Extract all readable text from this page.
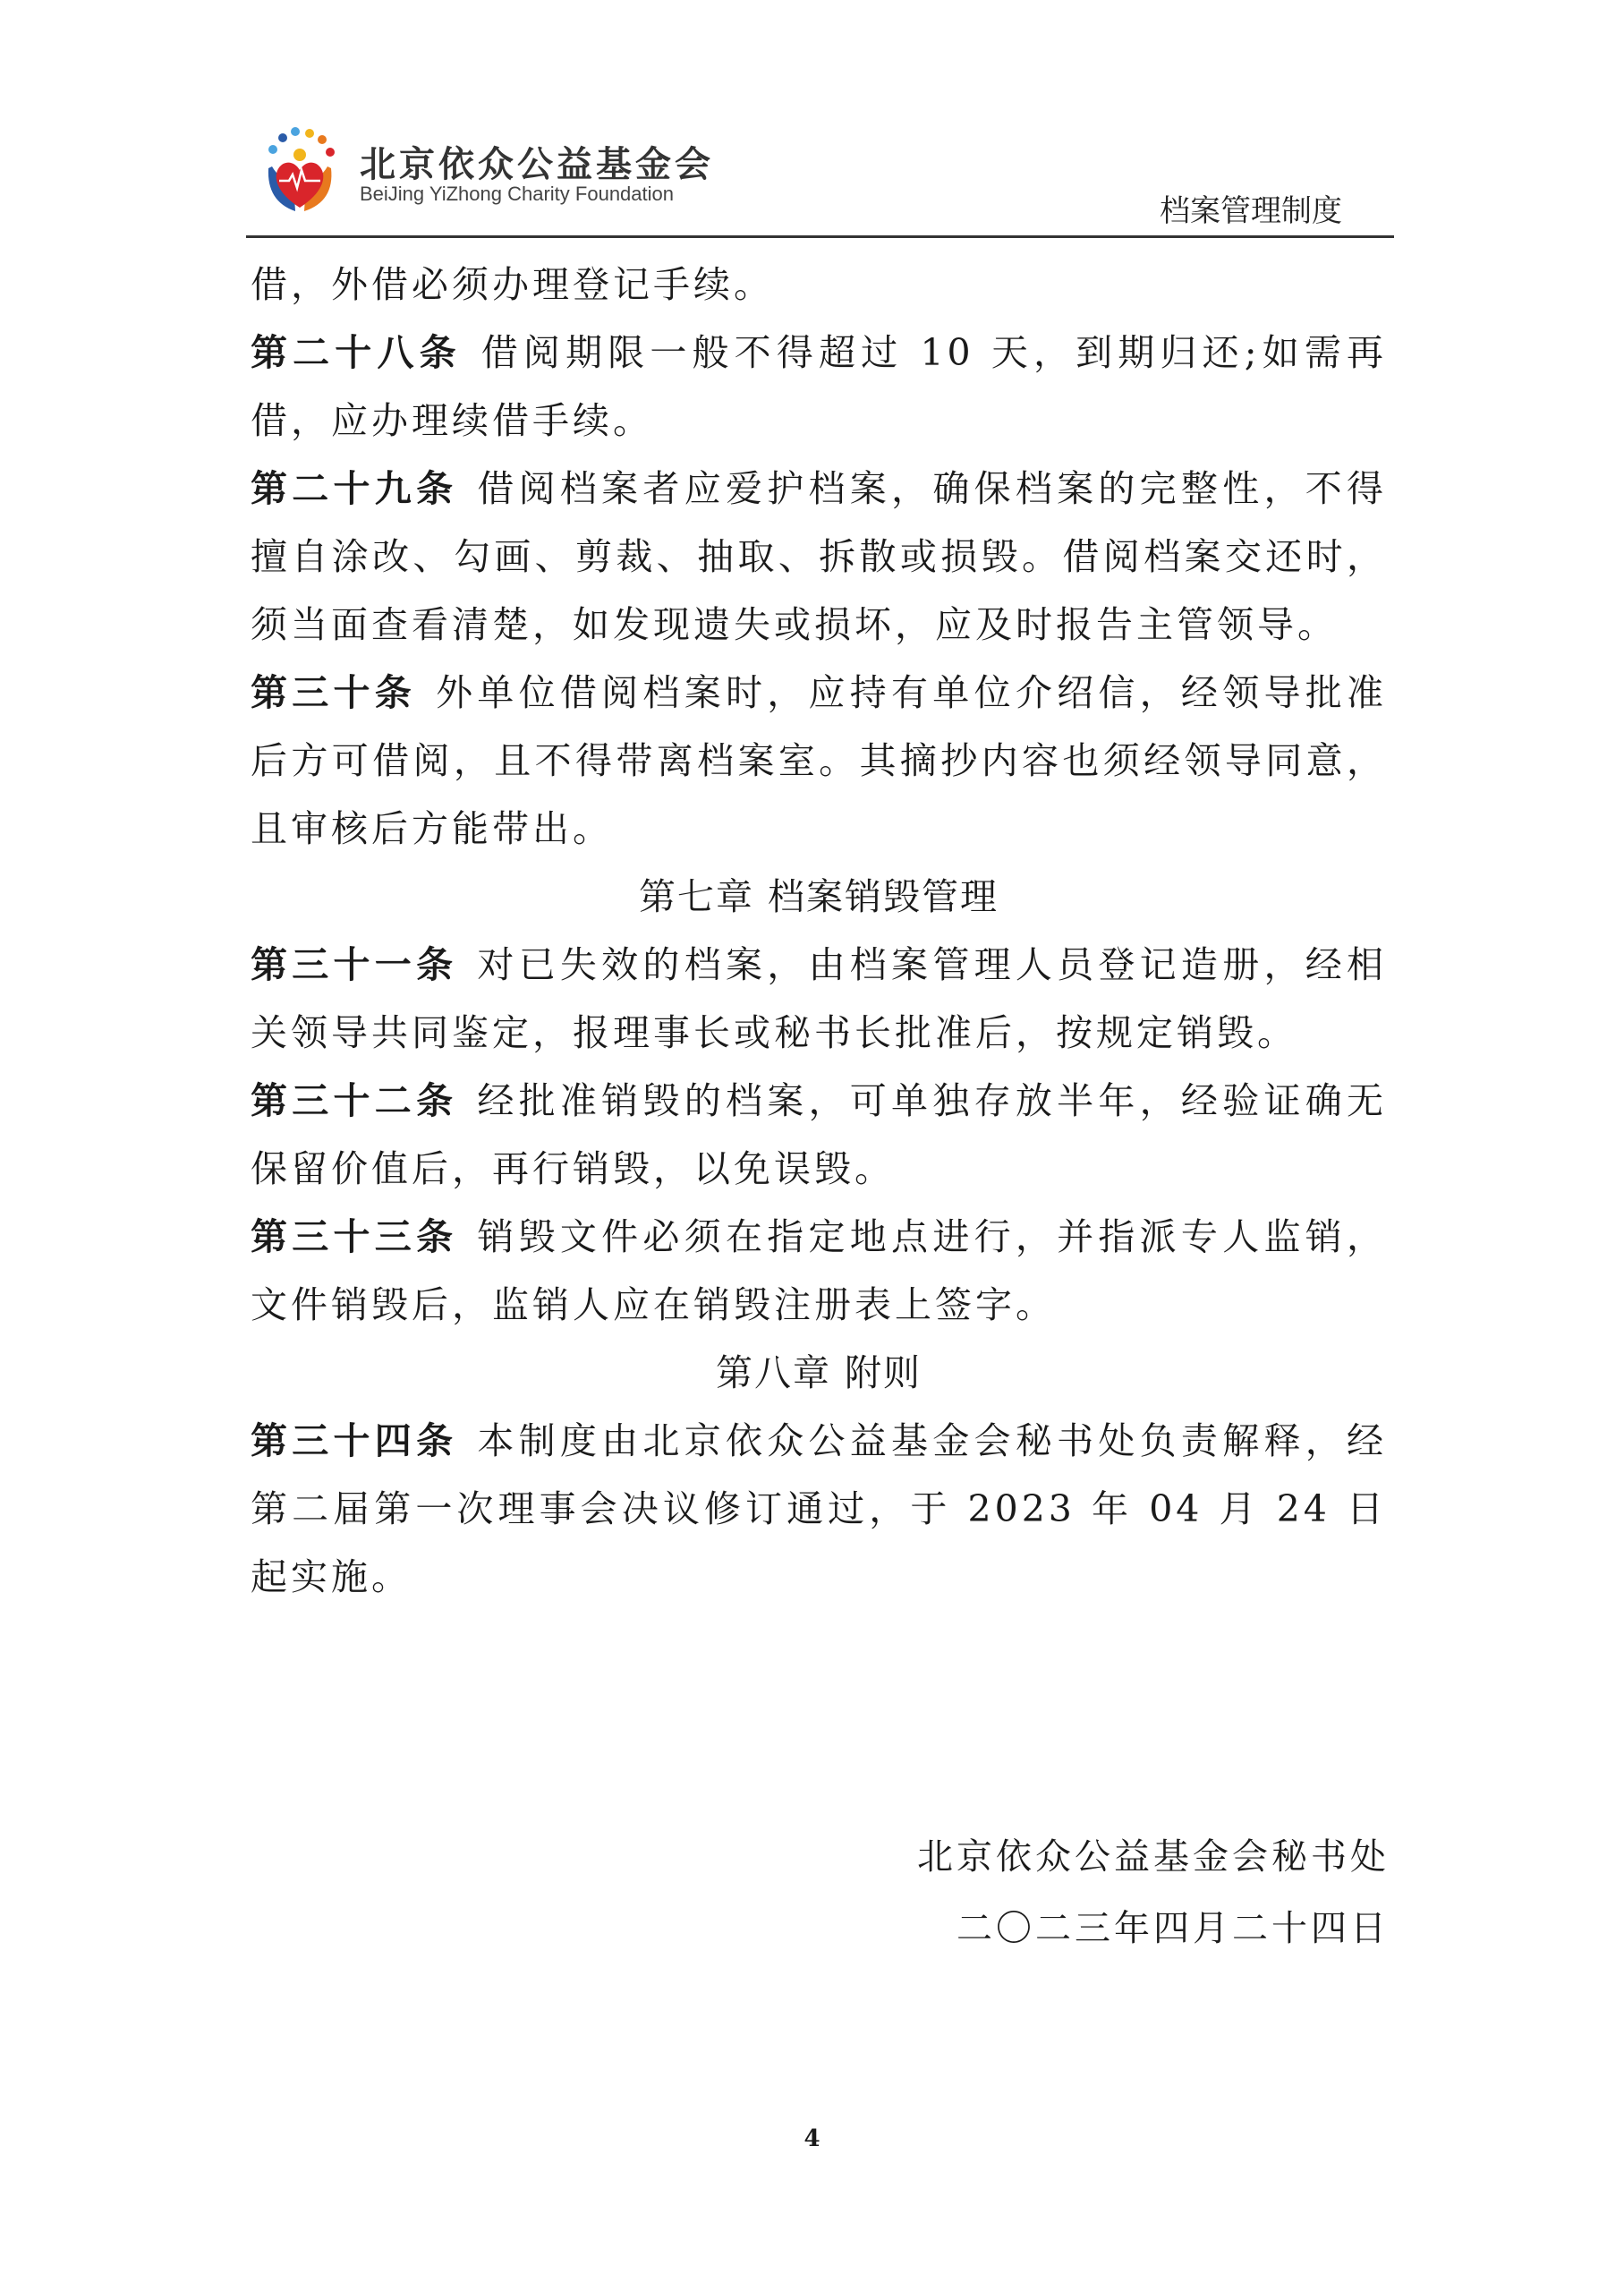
北京依众公益基金会
BeiJing YiZhong Charity Foundation	档案管理制度

借，外借必须办理登记手续。

第二十八条 借阅期限一般不得超过 10 天，到期归还;如需再借，应办理续借手续。

第二十九条 借阅档案者应爱护档案，确保档案的完整性，不得擅自涂改、勾画、剪裁、抽取、拆散或损毁。借阅档案交还时，须当面查看清楚，如发现遗失或损坏，应及时报告主管领导。

第三十条 外单位借阅档案时，应持有单位介绍信，经领导批准后方可借阅，且不得带离档案室。其摘抄内容也须经领导同意，且审核后方能带出。

第七章 档案销毁管理

第三十一条 对已失效的档案，由档案管理人员登记造册，经相关领导共同鉴定，报理事长或秘书长批准后，按规定销毁。

第三十二条 经批准销毁的档案，可单独存放半年，经验证确无保留价值后，再行销毁，以免误毁。

第三十三条 销毁文件必须在指定地点进行，并指派专人监销，文件销毁后，监销人应在销毁注册表上签字。

第八章 附则

第三十四条 本制度由北京依众公益基金会秘书处负责解释，经第二届第一次理事会决议修订通过，于 2023 年 04 月 24 日起实施。

北京依众公益基金会秘书处
二〇二三年四月二十四日
4
